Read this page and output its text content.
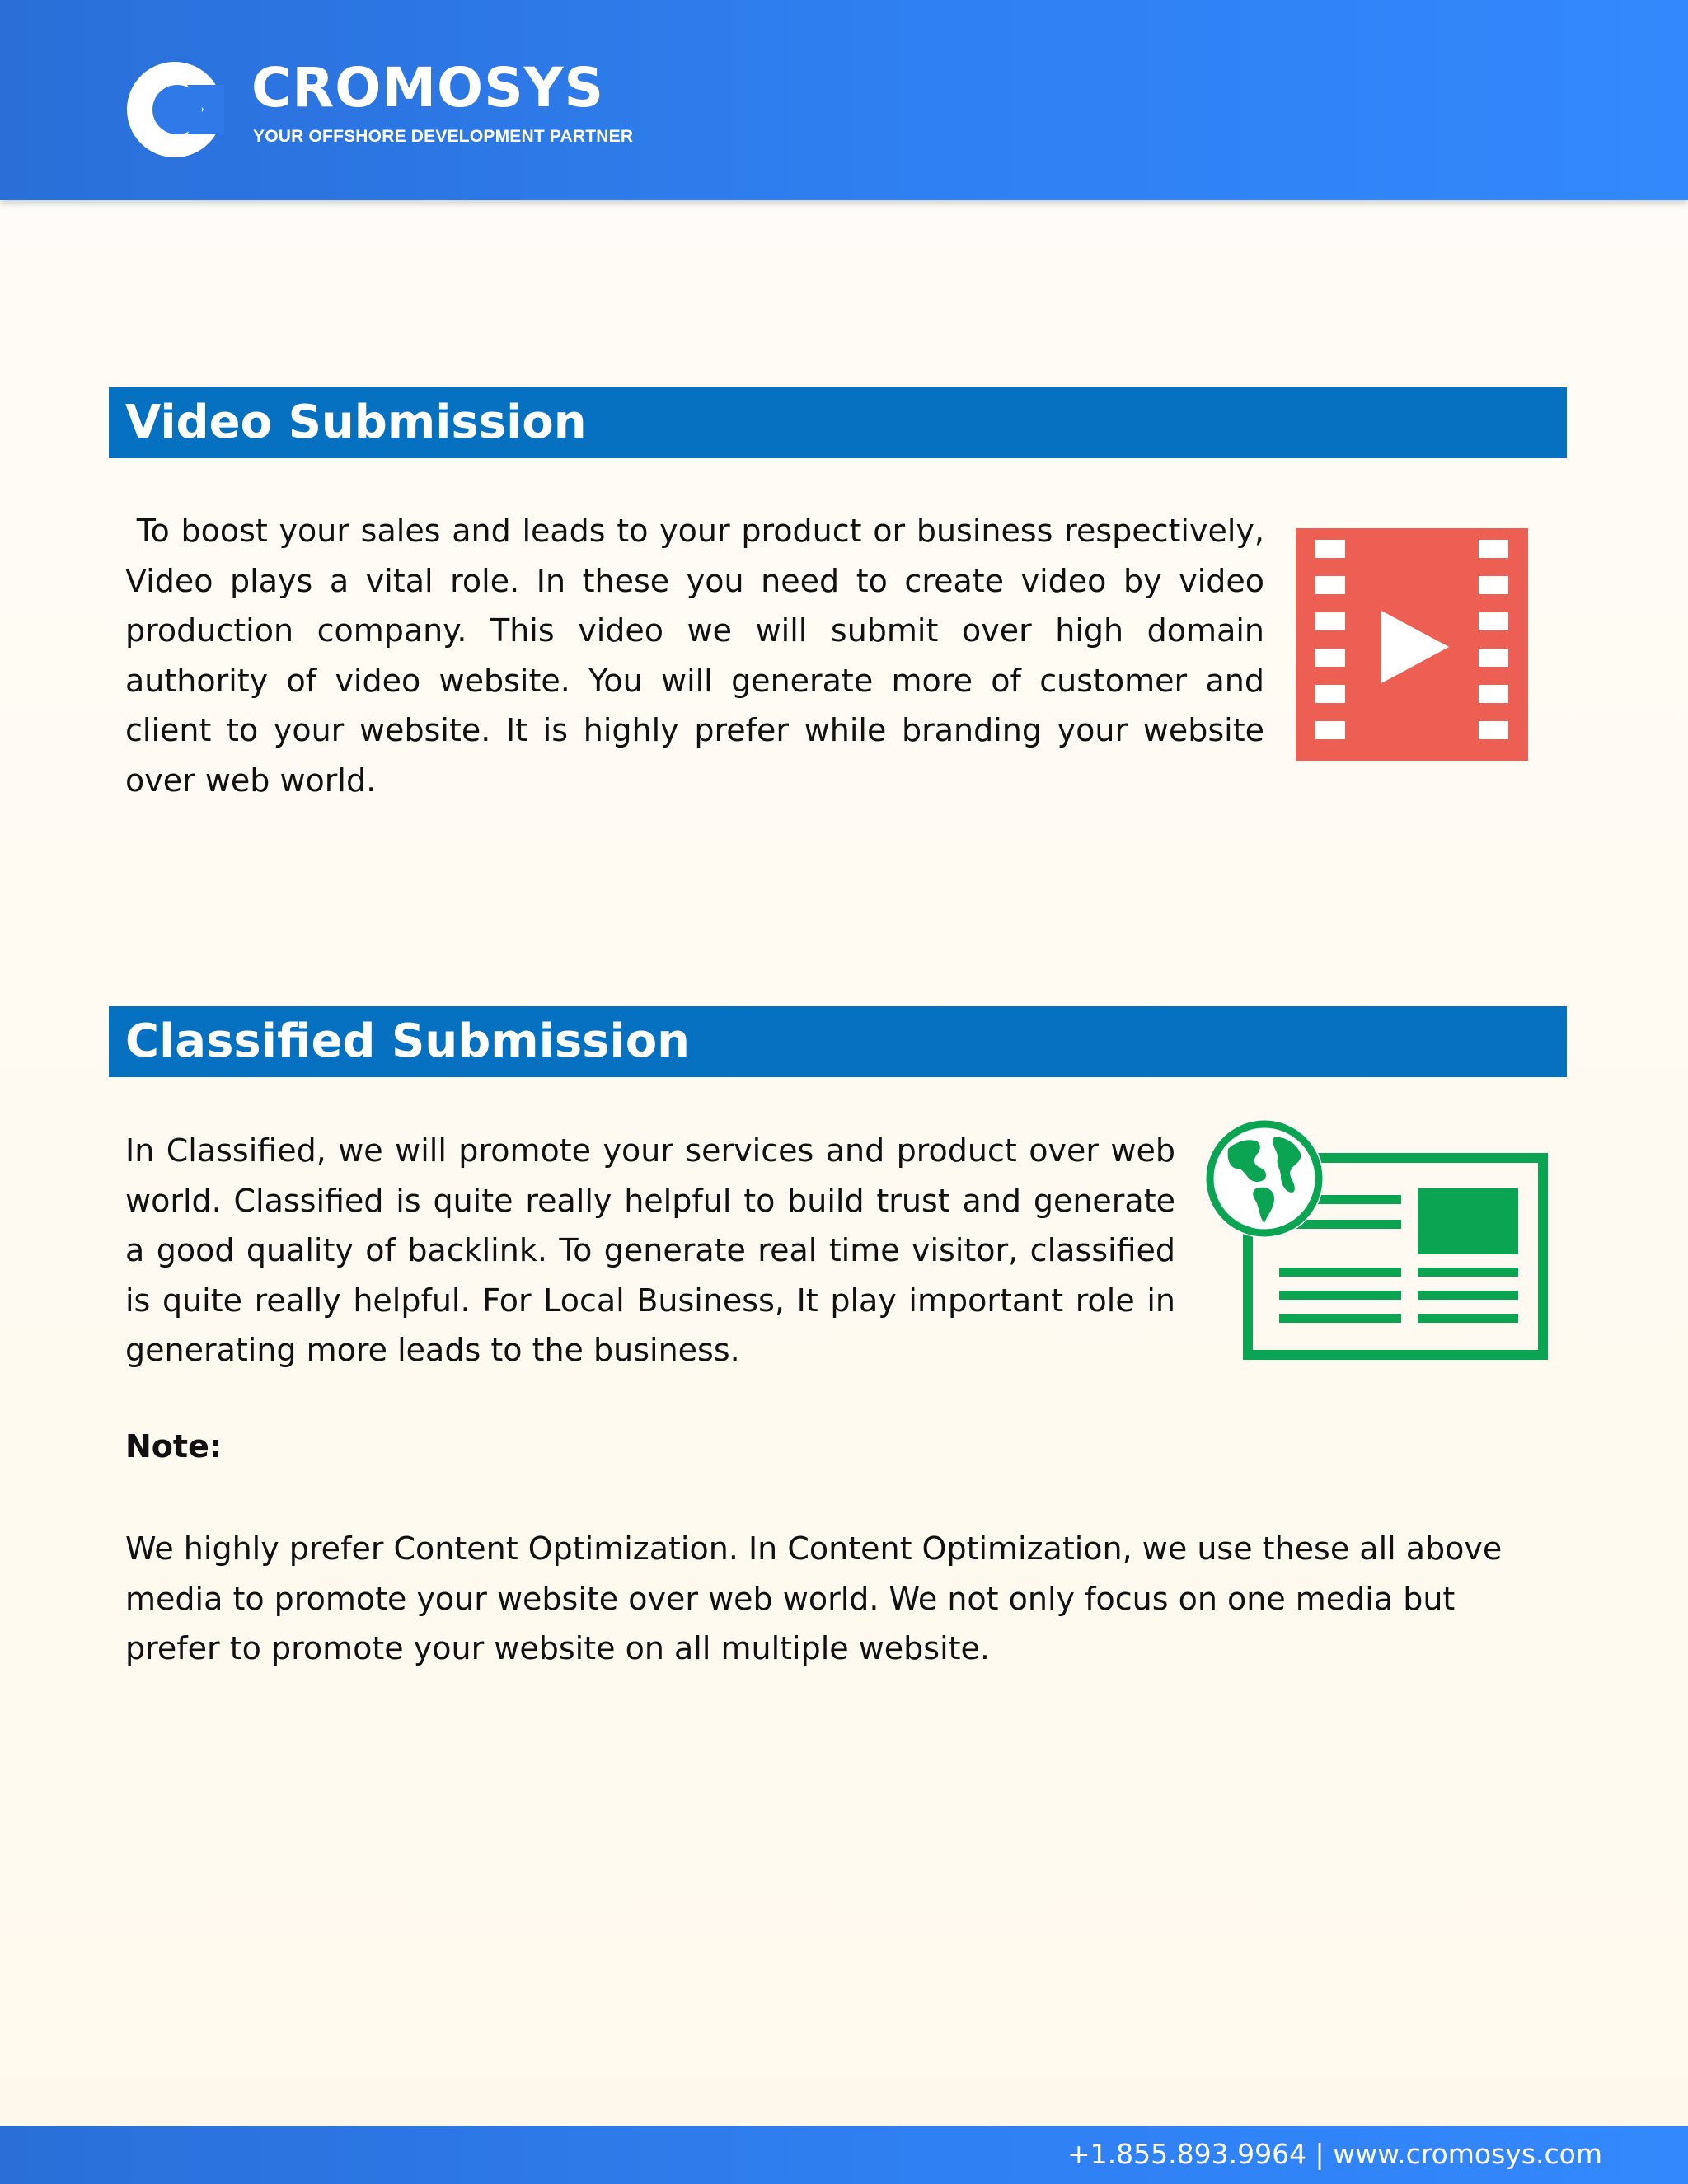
CROMOSYS
YOUR OFFSHORE DEVELOPMENT PARTNER
Video Submission

To boost your sales and leads to your product or business respectively, Video plays a vital role. In these you need to create video by video production company. This video we will submit over high domain authority of video website. You will generate more of customer and client to your website. It is highly prefer while branding your website over web world.

Classified Submission

In Classified, we will promote your services and product over web world. Classified is quite really helpful to build trust and generate a good quality of backlink. To generate real time visitor, classified is quite really helpful. For Local Business, It play important role in generating more leads to the business.

Note:

We highly prefer Content Optimization. In Content Optimization, we use these all above media to promote your website over web world. We not only focus on one media but prefer to promote your website on all multiple website.

+1.855.893.9964 | www.cromosys.com
